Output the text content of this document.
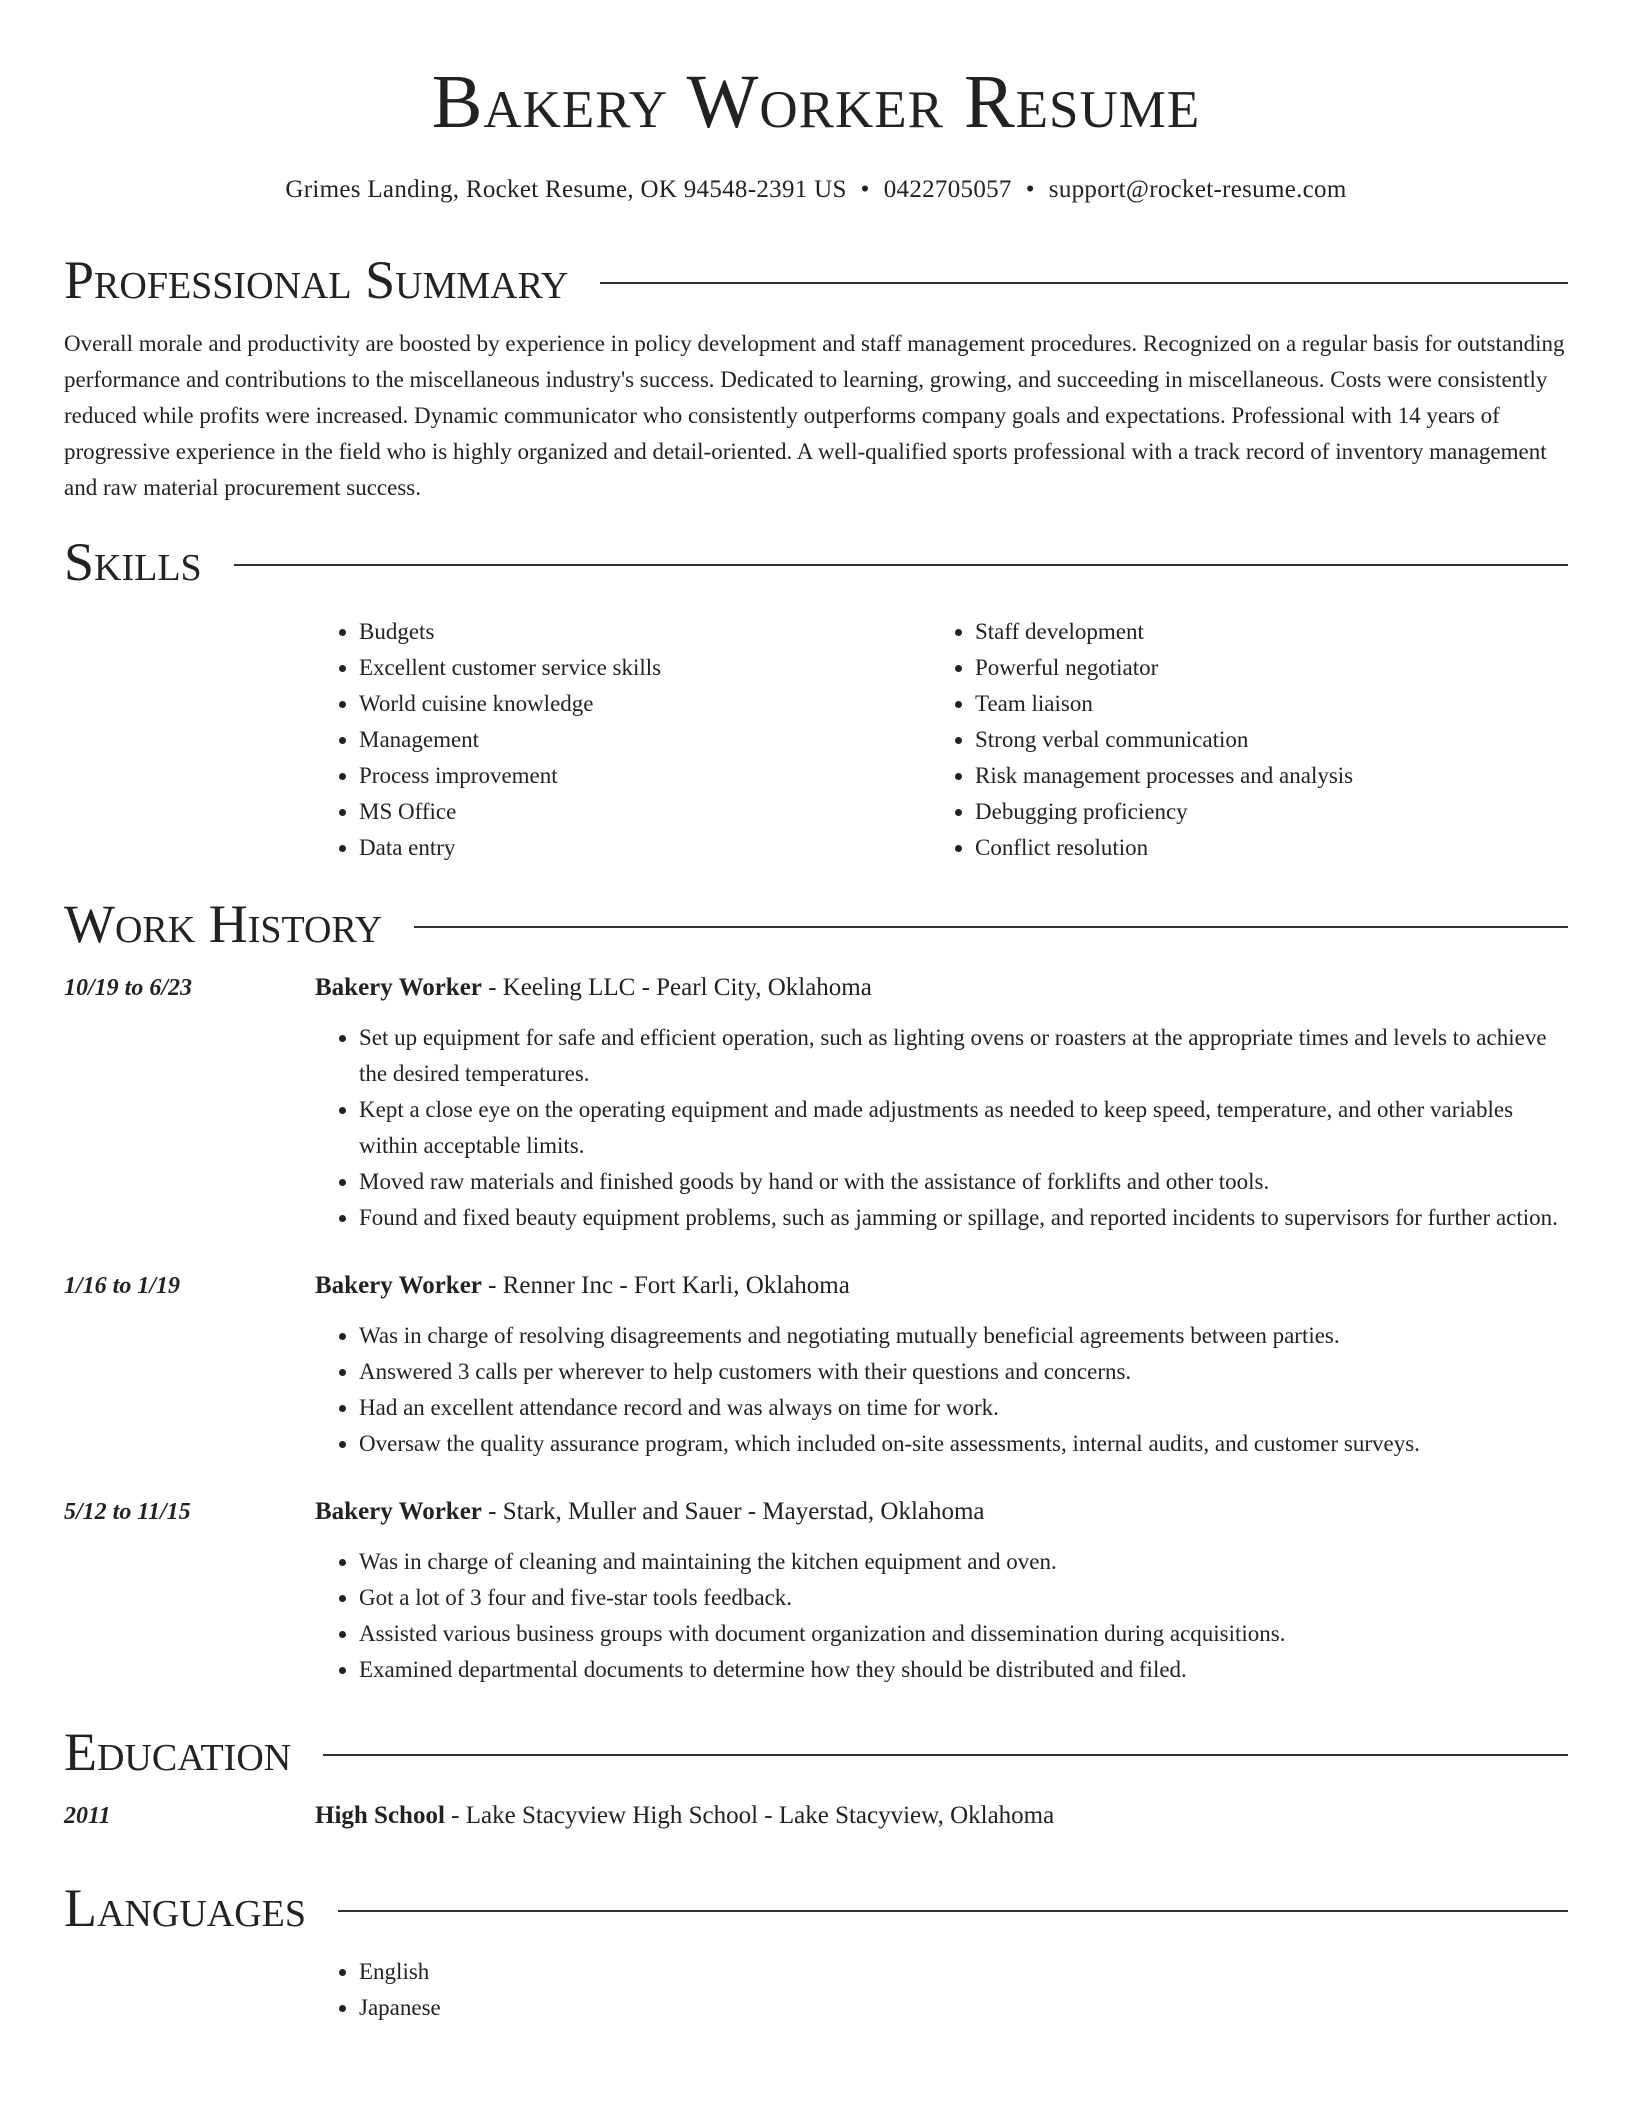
Bakery Worker Resume
Grimes Landing, Rocket Resume, OK 94548-2391 US • 0422705057 • support@rocket-resume.com
Professional Summary

Overall morale and productivity are boosted by experience in policy development and staff management procedures. Recognized on a regular basis for outstanding performance and contributions to the miscellaneous industry's success. Dedicated to learning, growing, and succeeding in miscellaneous. Costs were consistently reduced while profits were increased. Dynamic communicator who consistently outperforms company goals and expectations. Professional with 14 years of progressive experience in the field who is highly organized and detail-oriented. A well-qualified sports professional with a track record of inventory management and raw material procurement success.

Skills
• Budgets
• Excellent customer service skills
• World cuisine knowledge
• Management
• Process improvement
• MS Office
• Data entry
• Staff development
• Powerful negotiator
• Team liaison
• Strong verbal communication
• Risk management processes and analysis
• Debugging proficiency
• Conflict resolution
Work History
10/19 to 6/23	Bakery Worker - Keeling LLC - Pearl City, Oklahoma
• Set up equipment for safe and efficient operation, such as lighting ovens or roasters at the appropriate times and levels to achieve the desired temperatures.
• Kept a close eye on the operating equipment and made adjustments as needed to keep speed, temperature, and other variables within acceptable limits.
• Moved raw materials and finished goods by hand or with the assistance of forklifts and other tools.
• Found and fixed beauty equipment problems, such as jamming or spillage, and reported incidents to supervisors for further action.
1/16 to 1/19	Bakery Worker - Renner Inc - Fort Karli, Oklahoma
• Was in charge of resolving disagreements and negotiating mutually beneficial agreements between parties.
• Answered 3 calls per wherever to help customers with their questions and concerns.
• Had an excellent attendance record and was always on time for work.
• Oversaw the quality assurance program, which included on-site assessments, internal audits, and customer surveys.
5/12 to 11/15	Bakery Worker - Stark, Muller and Sauer - Mayerstad, Oklahoma
• Was in charge of cleaning and maintaining the kitchen equipment and oven.
• Got a lot of 3 four and five-star tools feedback.
• Assisted various business groups with document organization and dissemination during acquisitions.
• Examined departmental documents to determine how they should be distributed and filed.
Education
2011	High School - Lake Stacyview High School - Lake Stacyview, Oklahoma
Languages
• English
• Japanese
